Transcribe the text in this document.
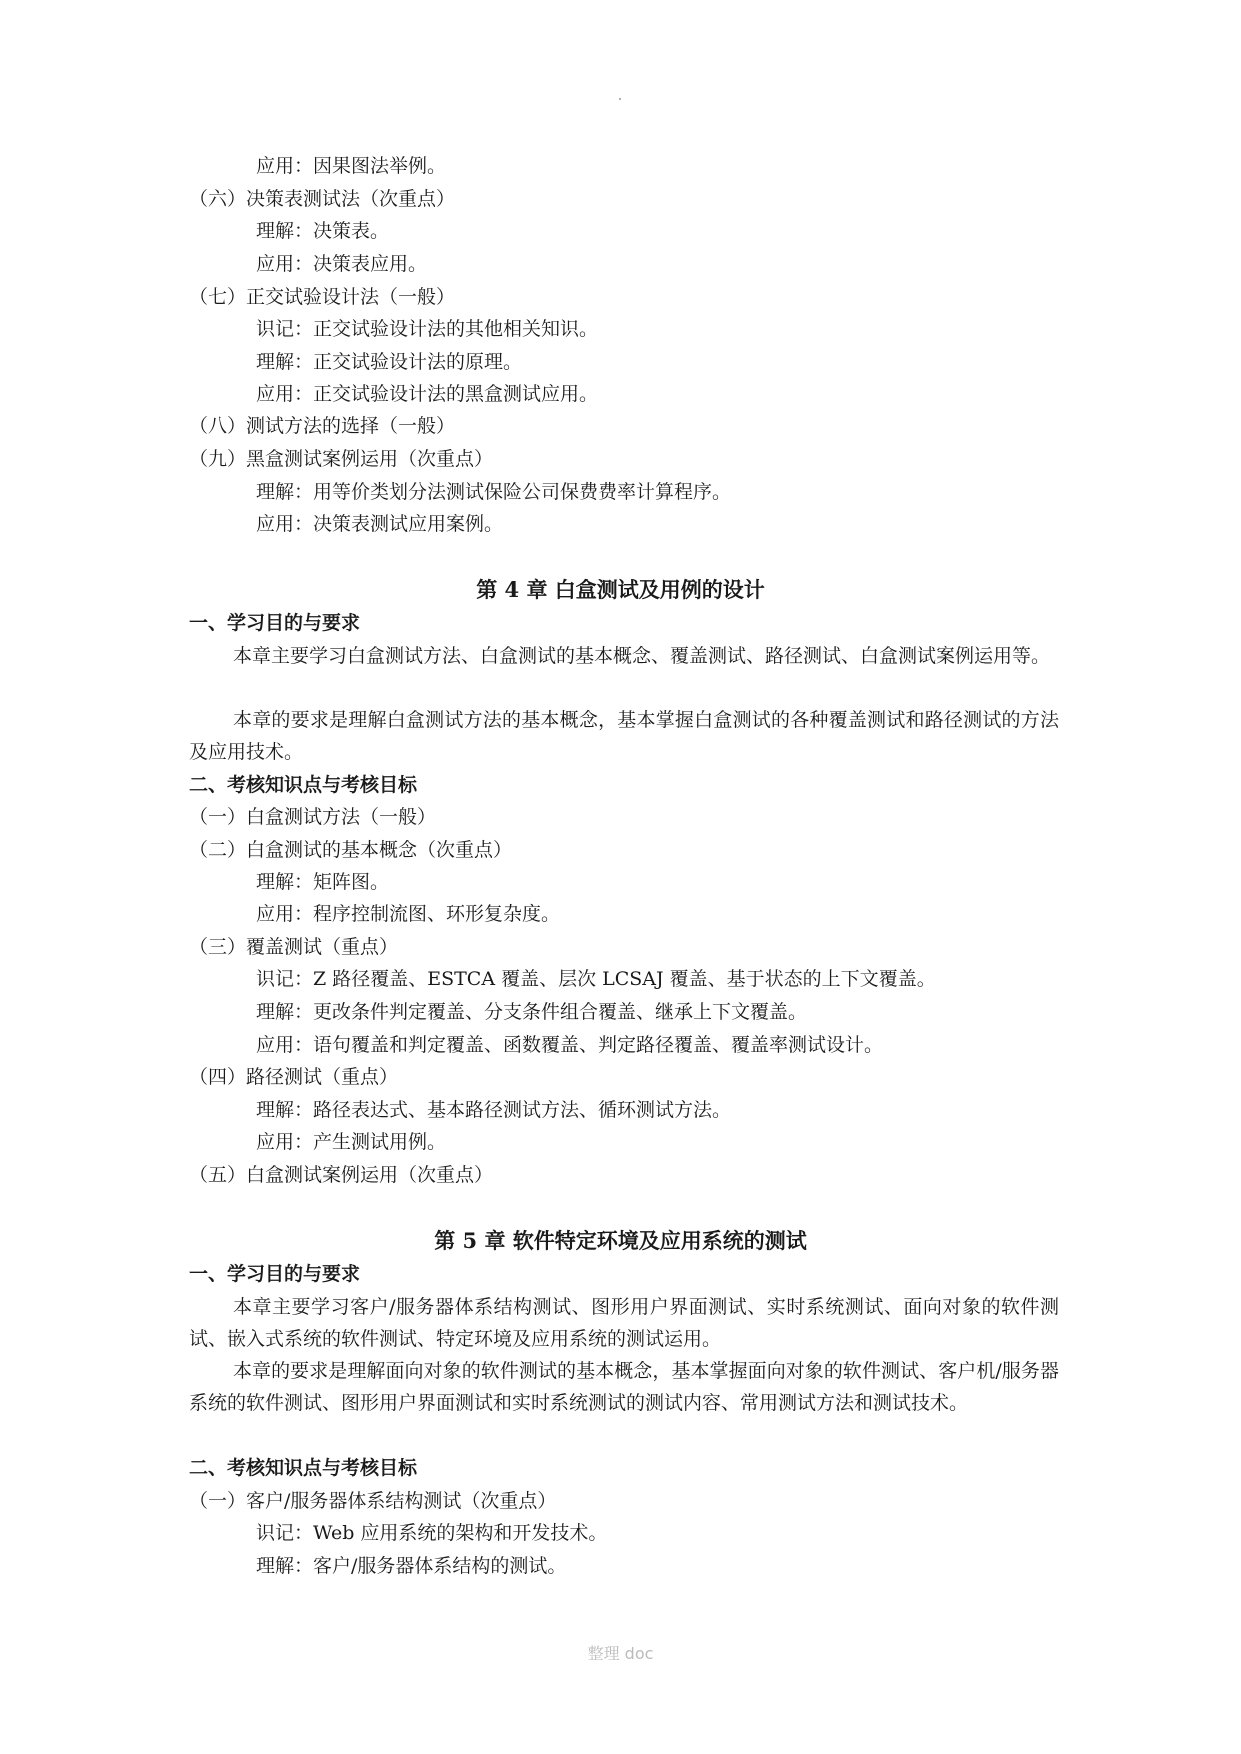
应用：因果图法举例。
（六）决策表测试法（次重点）
理解：决策表。
应用：决策表应用。
（七）正交试验设计法（一般）
识记：正交试验设计法的其他相关知识。
理解：正交试验设计法的原理。
应用：正交试验设计法的黑盒测试应用。
（八）测试方法的选择（一般）
（九）黑盒测试案例运用（次重点）
理解：用等价类划分法测试保险公司保费费率计算程序。
应用：决策表测试应用案例。
第 4 章 白盒测试及用例的设计
一、学习目的与要求
本章主要学习白盒测试方法、白盒测试的基本概念、覆盖测试、路径测试、白盒测试案例运用等。
本章的要求是理解白盒测试方法的基本概念，基本掌握白盒测试的各种覆盖测试和路径测试的方法及应用技术。
二、考核知识点与考核目标
（一）白盒测试方法（一般）
（二）白盒测试的基本概念（次重点）
理解：矩阵图。
应用：程序控制流图、环形复杂度。
（三）覆盖测试（重点）
识记：Z 路径覆盖、ESTCA 覆盖、层次 LCSAJ 覆盖、基于状态的上下文覆盖。
理解：更改条件判定覆盖、分支条件组合覆盖、继承上下文覆盖。
应用：语句覆盖和判定覆盖、函数覆盖、判定路径覆盖、覆盖率测试设计。
（四）路径测试（重点）
理解：路径表达式、基本路径测试方法、循环测试方法。
应用：产生测试用例。
（五）白盒测试案例运用（次重点）
第 5 章 软件特定环境及应用系统的测试
一、学习目的与要求
本章主要学习客户/服务器体系结构测试、图形用户界面测试、实时系统测试、面向对象的软件测试、嵌入式系统的软件测试、特定环境及应用系统的测试运用。
本章的要求是理解面向对象的软件测试的基本概念，基本掌握面向对象的软件测试、客户机/服务器系统的软件测试、图形用户界面测试和实时系统测试的测试内容、常用测试方法和测试技术。
二、考核知识点与考核目标
（一）客户/服务器体系结构测试（次重点）
识记：Web 应用系统的架构和开发技术。
理解：客户/服务器体系结构的测试。
整理 doc
